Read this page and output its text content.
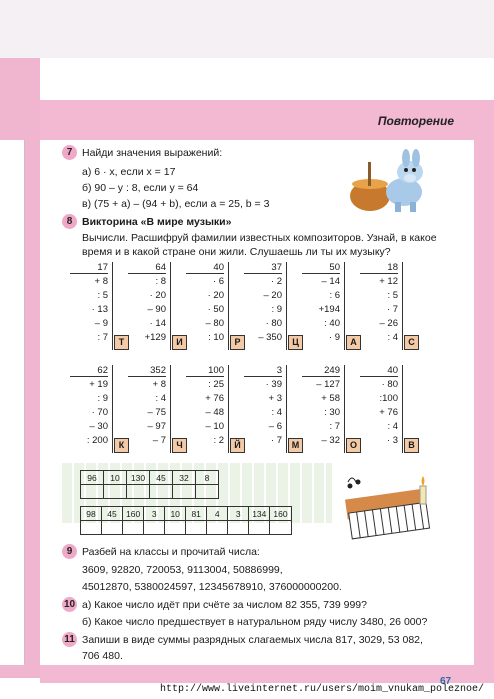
Повторение
7 Найди значения выражений:
а) 6 · x, если x = 17
б) 90 – y : 8, если y = 64
в) (75 + a) – (94 + b), если a = 25, b = 3
8 Викторина «В мире музыки»
Вычисли. Расшифруй фамилии известных композиторов. Узнай, в какое
время и в какой стране они жили. Слушаешь ли ты их музыку?
17
+ 8
: 5
· 13
– 9
: 7	Т
64
: 8
· 20
– 90
· 14
+129	И
40
· 6
· 20
· 50
– 80
: 10	Р
37
· 2
– 20
: 9
· 80
– 350	Ц
50
– 14
: 6
+194
: 40
· 9	А
18
+ 12
: 5
· 7
– 26
: 4	С
62
+ 19
: 9
· 70
– 30
: 200	К
352
+ 8
: 4
– 75
– 97
– 7	Ч
100
: 25
+ 76
– 48
– 10
: 2	Й
3
· 39
+ 3
: 4
– 6
· 7	М
249
– 127
+ 58
: 30
: 7
– 32	О
40
· 80
:100
+ 76
: 4
· 3	В
96	10	130	45	32	8

98	45	160	3	10	81	4	3	134	160

9 Разбей на классы и прочитай числа:
3609, 92820, 720053, 9113004, 50886999,
45012870, 5380024597, 12345678910, 376000000200.
10 а) Какое число идёт при счёте за числом 82 355, 739 999?
б) Какое число предшествует в натуральном ряду числу 3480, 26 000?
11 Запиши в виде суммы разрядных слагаемых числа 817, 3029, 53 082,
706 480.
67
http://www.liveinternet.ru/users/moim_vnukam_poleznoe/
